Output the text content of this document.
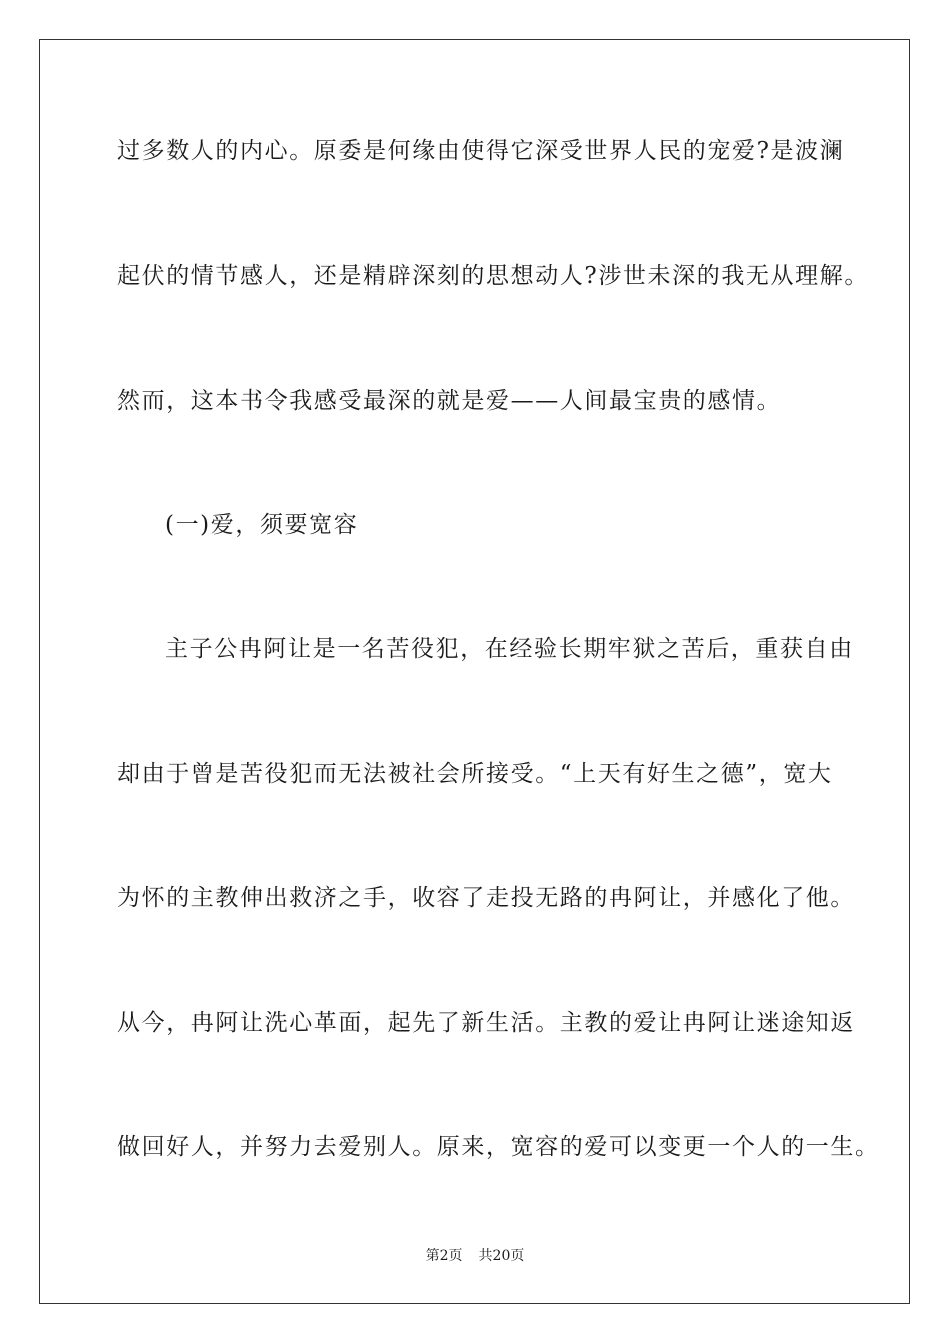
过多数人的内心。原委是何缘由使得它深受世界人民的宠爱?是波澜
起伏的情节感人，还是精辟深刻的思想动人?涉世未深的我无从理解。
然而，这本书令我感受最深的就是爱——人间最宝贵的感情。
(一)爱，须要宽容
主子公冉阿让是一名苦役犯，在经验长期牢狱之苦后，重获自由
却由于曾是苦役犯而无法被社会所接受。“上天有好生之德”，宽大
为怀的主教伸出救济之手，收容了走投无路的冉阿让，并感化了他。
从今，冉阿让洗心革面，起先了新生活。主教的爱让冉阿让迷途知返
做回好人，并努力去爱别人。原来，宽容的爱可以变更一个人的一生。
第2页 共20页
